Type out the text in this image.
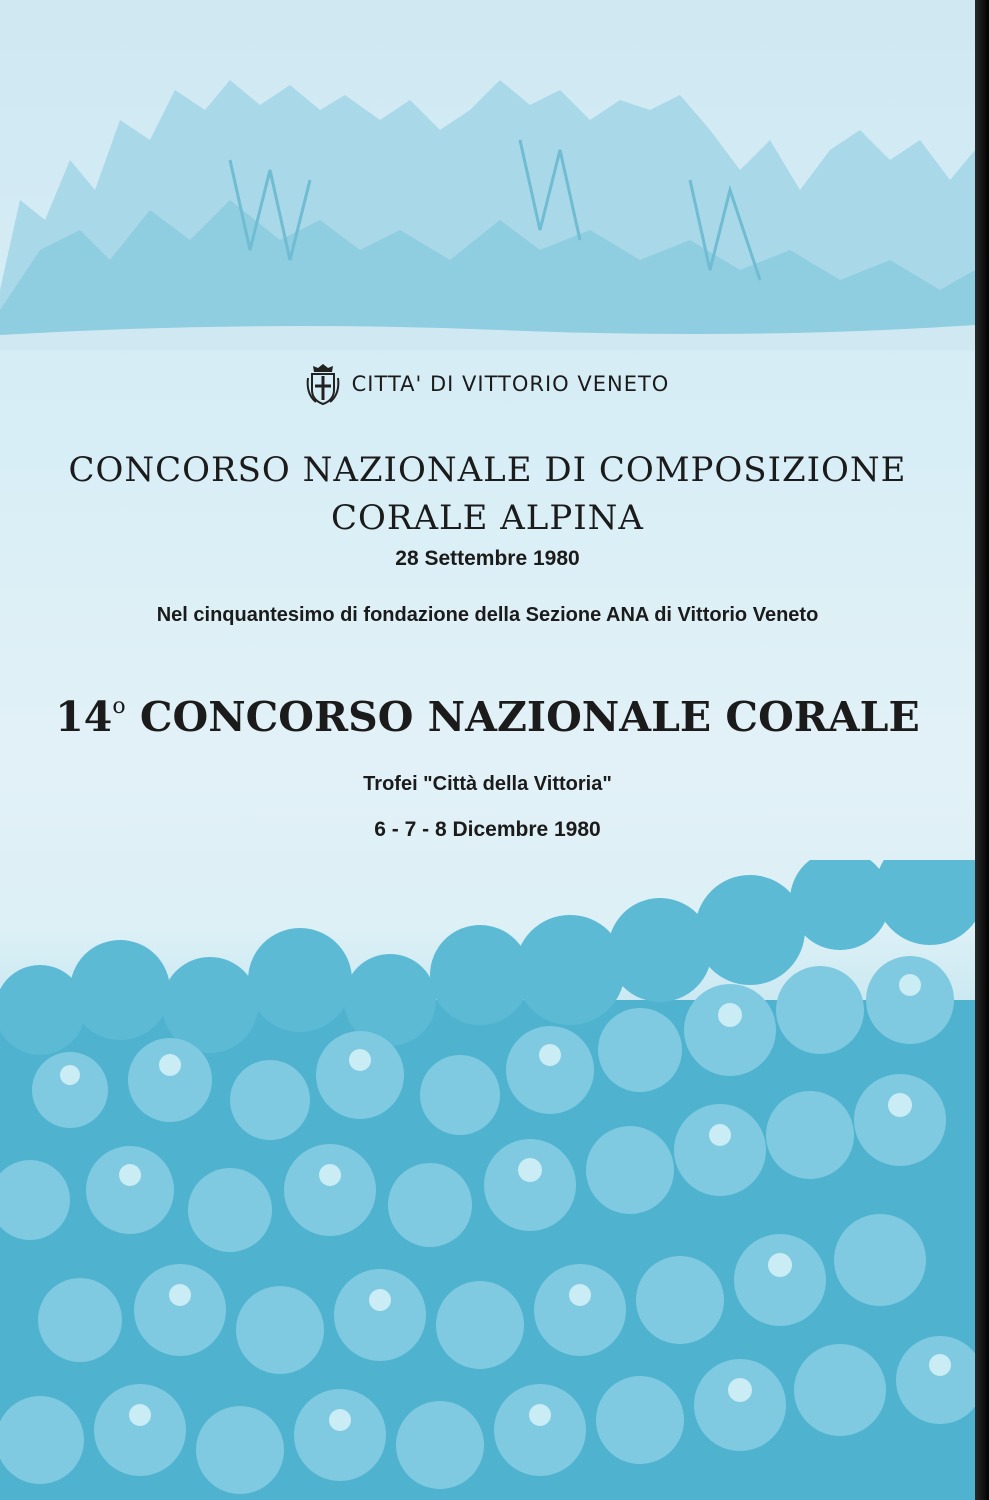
CITTA' DI VITTORIO VENETO
CONCORSO NAZIONALE DI COMPOSIZIONE
CORALE ALPINA
28 Settembre 1980
Nel cinquantesimo di fondazione della Sezione ANA di Vittorio Veneto
14$^o$ CONCORSO NAZIONALE CORALE
Trofei "Città della Vittoria"
6 - 7 - 8 Dicembre 1980
